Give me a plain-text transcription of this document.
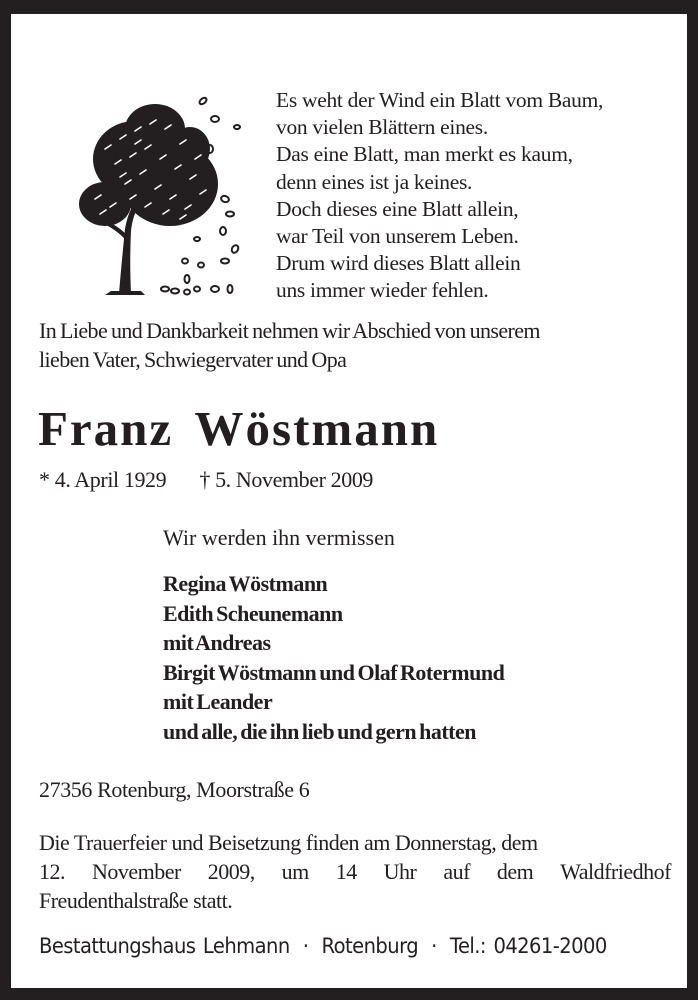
Es weht der Wind ein Blatt vom Baum,
von vielen Blättern eines.
Das eine Blatt, man merkt es kaum,
denn eines ist ja keines.
Doch dieses eine Blatt allein,
war Teil von unserem Leben.
Drum wird dieses Blatt allein
uns immer wieder fehlen.
In Liebe und Dankbarkeit nehmen wir Abschied von unserem
lieben Vater, Schwiegervater und Opa
Franz Wöstmann
* 4. April 1929 † 5. November 2009
Wir werden ihn vermissen
Regina Wöstmann
Edith Scheunemann
mit Andreas
Birgit Wöstmann und Olaf Rotermund
mit Leander
und alle, die ihn lieb und gern hatten
27356 Rotenburg, Moorstraße 6
Die Trauerfeier und Beisetzung finden am Donnerstag, dem
12. November 2009, um 14 Uhr auf dem Waldfriedhof
Freudenthalstraße statt.
Bestattungshaus Lehmann · Rotenburg · Tel.: 04261-2000
